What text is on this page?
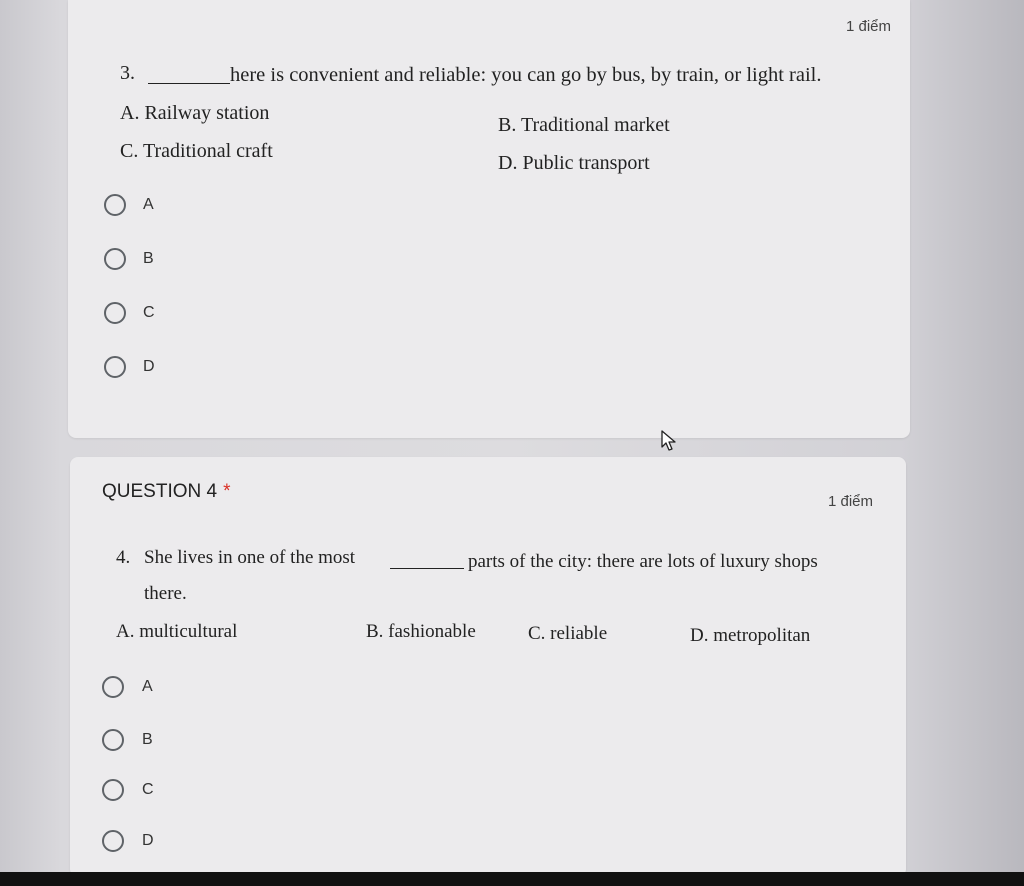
1 điểm
3.	here is convenient and reliable: you can go by bus, by train, or light rail.
A. Railway station
B. Traditional market
C. Traditional craft
D. Public transport
A
B
C
D
QUESTION 4 *	1 điểm
4. She lives in one of the most	parts of the city: there are lots of luxury shops
there.
A. multicultural	B. fashionable	C. reliable	D. metropolitan
A
B
C
D
